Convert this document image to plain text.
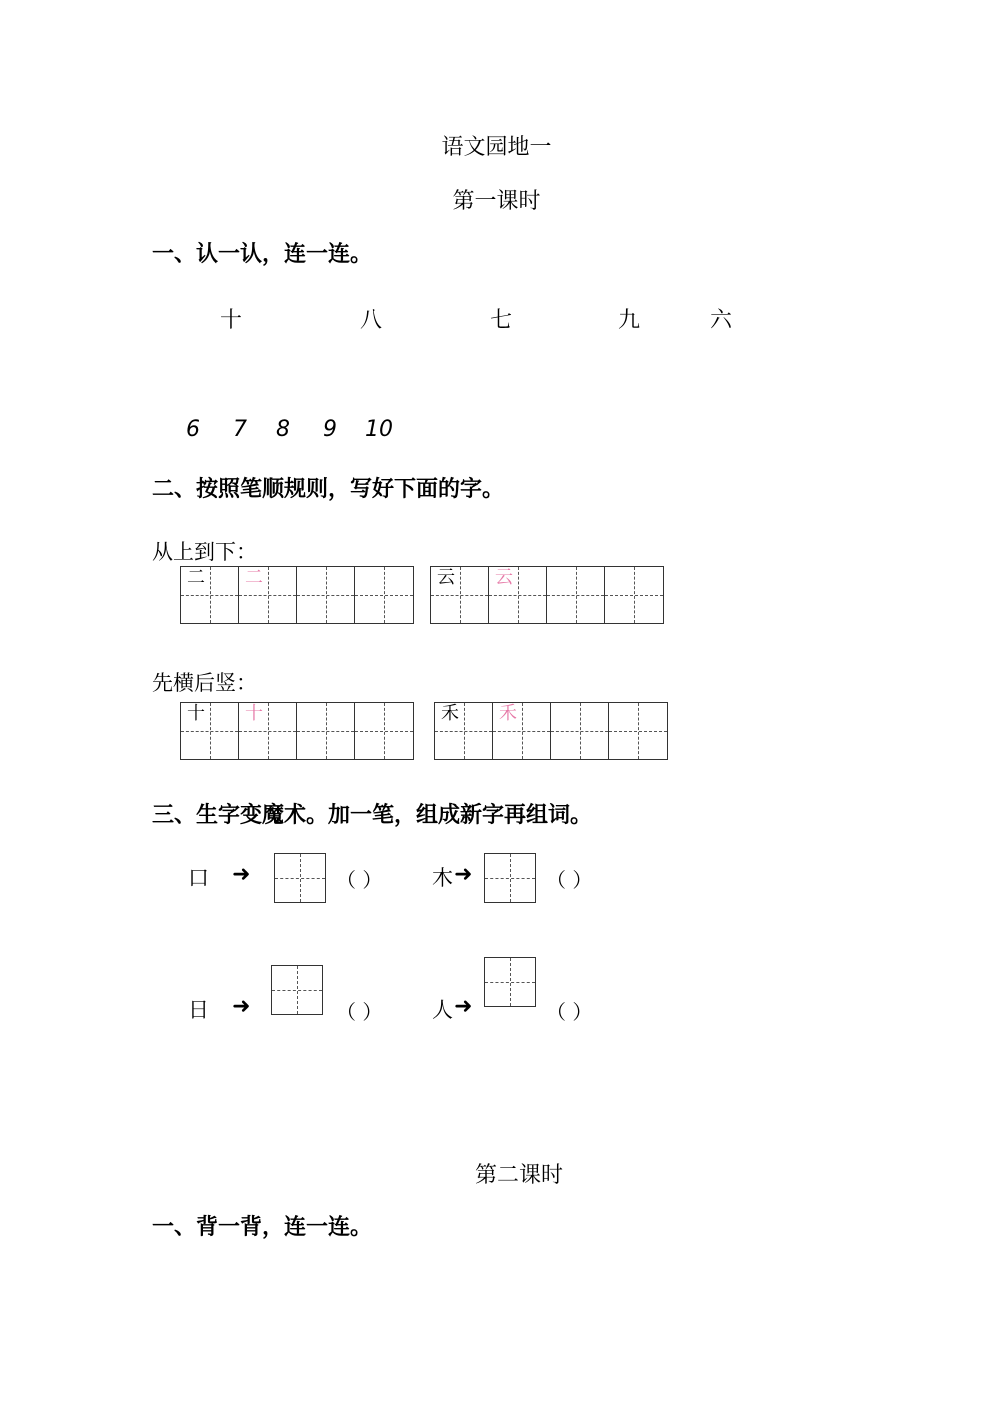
语文园地一
第一课时
一、认一认，连一连。
十	八	七	九	六
6 7 8 9 10
二、按照笔顺规则，写好下面的字。
从上到下：
二 二	云 云
先横后竖：
十 十	禾 禾
三、生字变魔术。加一笔，组成新字再组词。
口 ➜	（ ） 木 ➜	（ ）
日 ➜	（ ） 人 ➜	（ ）
第二课时
一、背一背，连一连。
